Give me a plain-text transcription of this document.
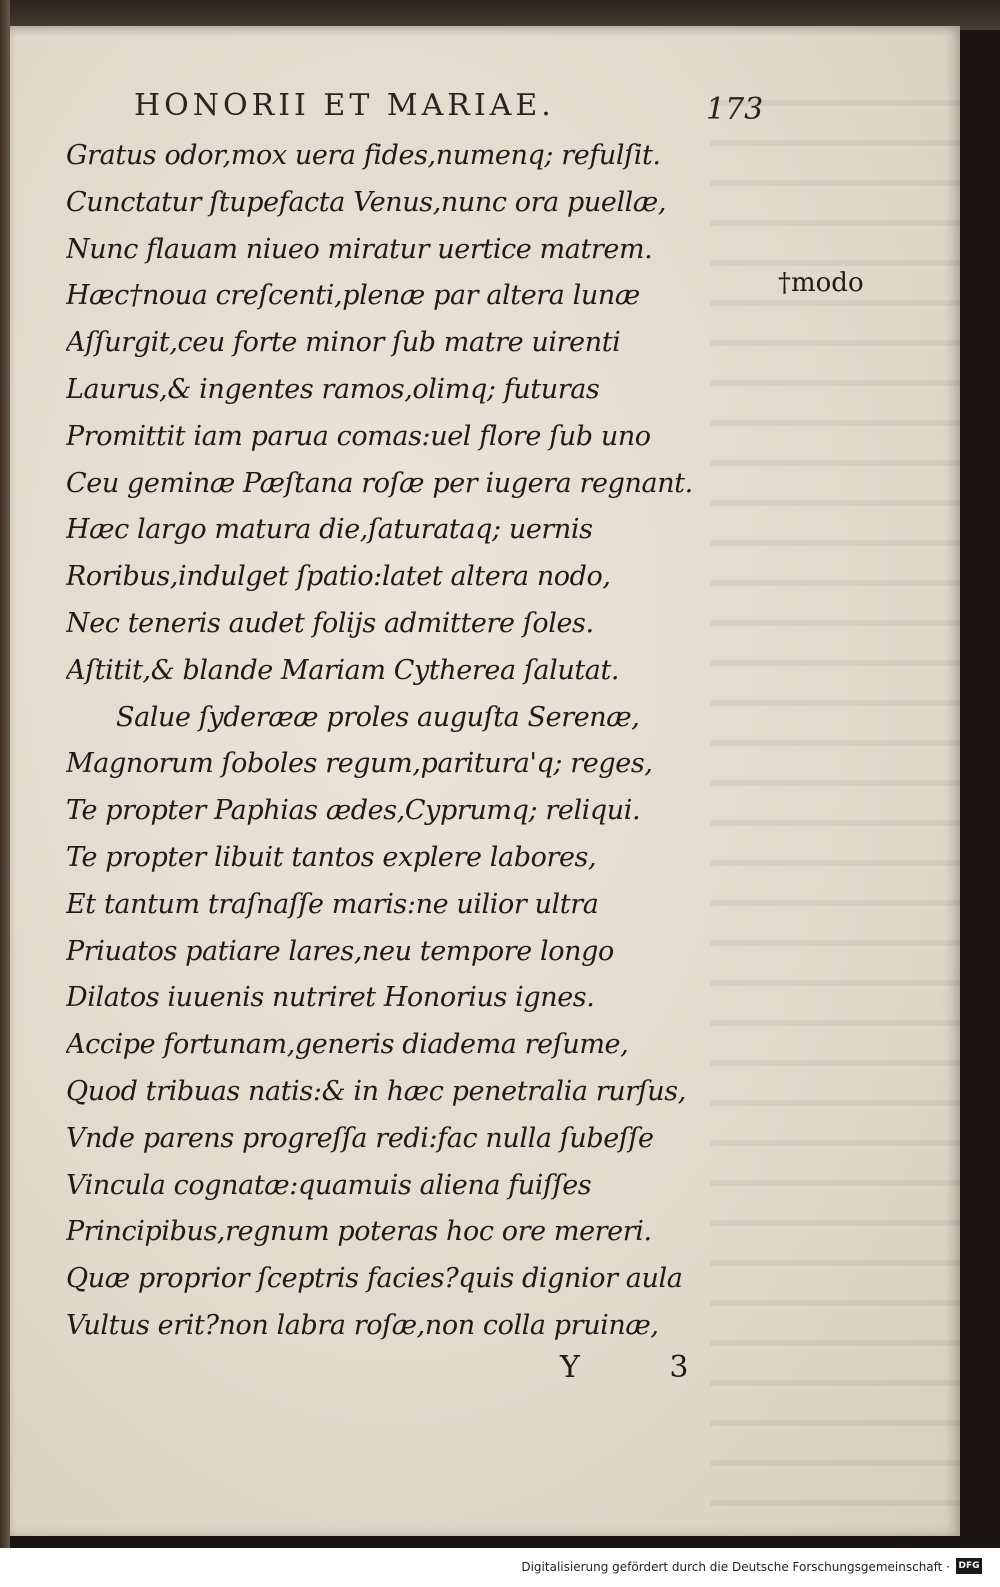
HONORII ET MARIAE.	173
Gratus odor,mox uera fides,numenq; refulſit.
Cunctatur ſtupefacta Venus,nunc ora puellæ,
Nunc flauam niueo miratur uertice matrem.
Hæc†noua creſcenti,plenæ par altera lunæ
Aſſurgit,ceu forte minor ſub matre uirenti
Laurus,& ingentes ramos,olimq; futuras
Promittit iam parua comas:uel flore ſub uno
Ceu geminæ Pæſtana roſæ per iugera regnant.
Hæc largo matura die,ſaturataq; uernis
Roribus,indulget ſpatio:latet altera nodo,
Nec teneris audet folijs admittere ſoles.
Aſtitit,& blande Mariam Cytherea ſalutat.
Salue ſyderææ proles auguſta Serenæ,
Magnorum ſoboles regum,paritura'q; reges,
Te propter Paphias ædes,Cyprumq; reliqui.
Te propter libuit tantos explere labores,
Et tantum traſnaſſe maris:ne uilior ultra
Priuatos patiare lares,neu tempore longo
Dilatos iuuenis nutriret Honorius ignes.
Accipe fortunam,generis diadema reſume,
Quod tribuas natis:& in hæc penetralia rurſus,
Vnde parens progreſſa redi:fac nulla ſubeſſe
Vincula cognatæ:quamuis aliena fuiſſes
Principibus,regnum poteras hoc ore mereri.
Quæ proprior ſceptris facies?quis dignior aula
Vultus erit?non labra roſæ,non colla pruinæ,
†modo
Y 3
Digitalisierung gefördert durch die Deutsche Forschungsgemeinschaft · DFG
